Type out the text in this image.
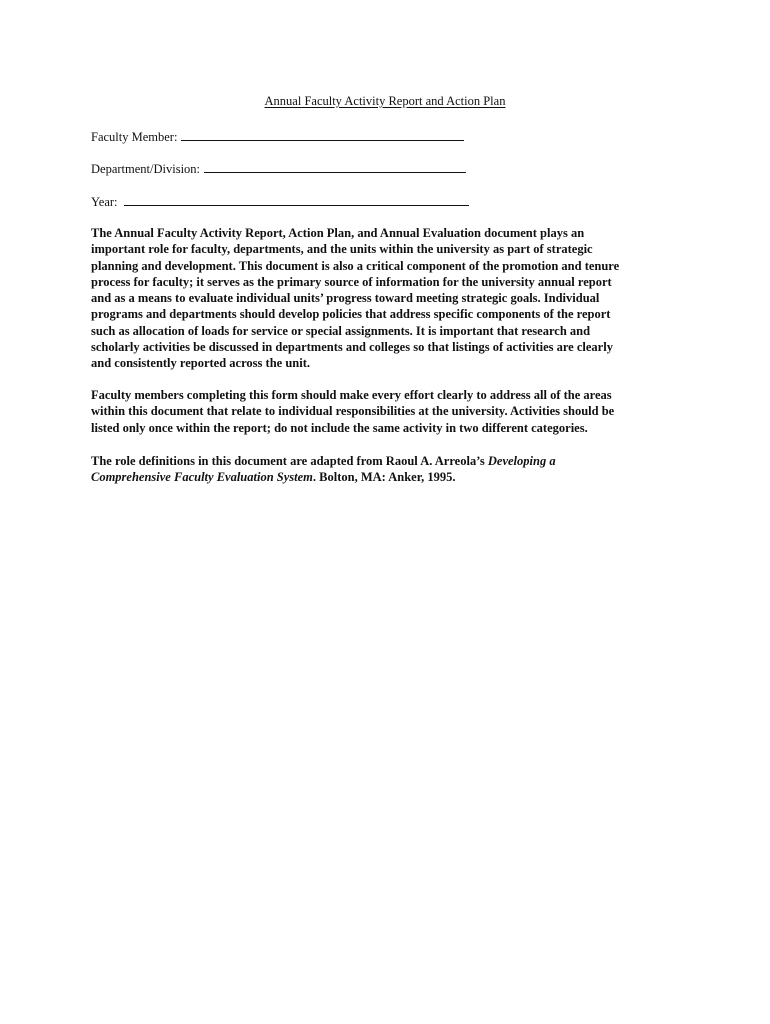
Annual Faculty Activity Report and Action Plan
Faculty Member:
Department/Division:
Year:
The Annual Faculty Activity Report, Action Plan, and Annual Evaluation document plays an
important role for faculty, departments, and the units within the university as part of strategic
planning and development. This document is also a critical component of the promotion and tenure
process for faculty; it serves as the primary source of information for the university annual report
and as a means to evaluate individual units’ progress toward meeting strategic goals. Individual
programs and departments should develop policies that address specific components of the report
such as allocation of loads for service or special assignments. It is important that research and
scholarly activities be discussed in departments and colleges so that listings of activities are clearly
and consistently reported across the unit.
Faculty members completing this form should make every effort clearly to address all of the areas
within this document that relate to individual responsibilities at the university. Activities should be
listed only once within the report; do not include the same activity in two different categories.
The role definitions in this document are adapted from Raoul A. Arreola’s Developing a
Comprehensive Faculty Evaluation System. Bolton, MA: Anker, 1995.
